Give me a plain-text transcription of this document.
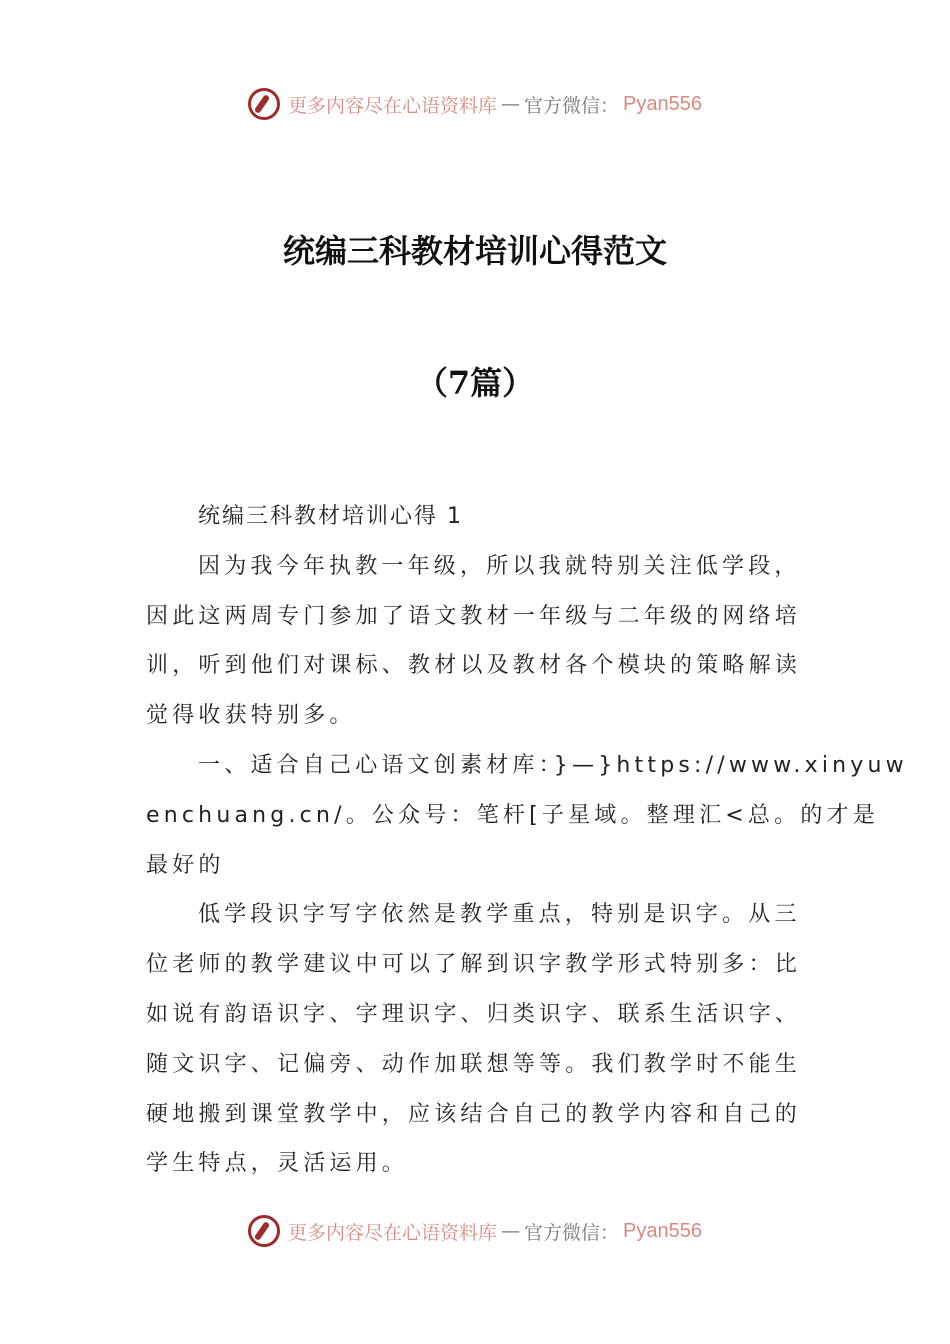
更多内容尽在心语资料库 — 官方微信： Pyan556
统编三科教材培训心得范文
（7篇）
统编三科教材培训心得 1
因为我今年执教一年级，所以我就特别关注低学段，
因此这两周专门参加了语文教材一年级与二年级的网络培
训，听到他们对课标、教材以及教材各个模块的策略解读
觉得收获特别多。
一、适合自己心语文创素材库：}—}https://www.xinyuw
enchuang.cn/。公众号：笔杆[子星域。整理汇<总。的才是
最好的
低学段识字写字依然是教学重点，特别是识字。从三
位老师的教学建议中可以了解到识字教学形式特别多：比
如说有韵语识字、字理识字、归类识字、联系生活识字、
随文识字、记偏旁、动作加联想等等。我们教学时不能生
硬地搬到课堂教学中，应该结合自己的教学内容和自己的
学生特点，灵活运用。
更多内容尽在心语资料库 — 官方微信： Pyan556
